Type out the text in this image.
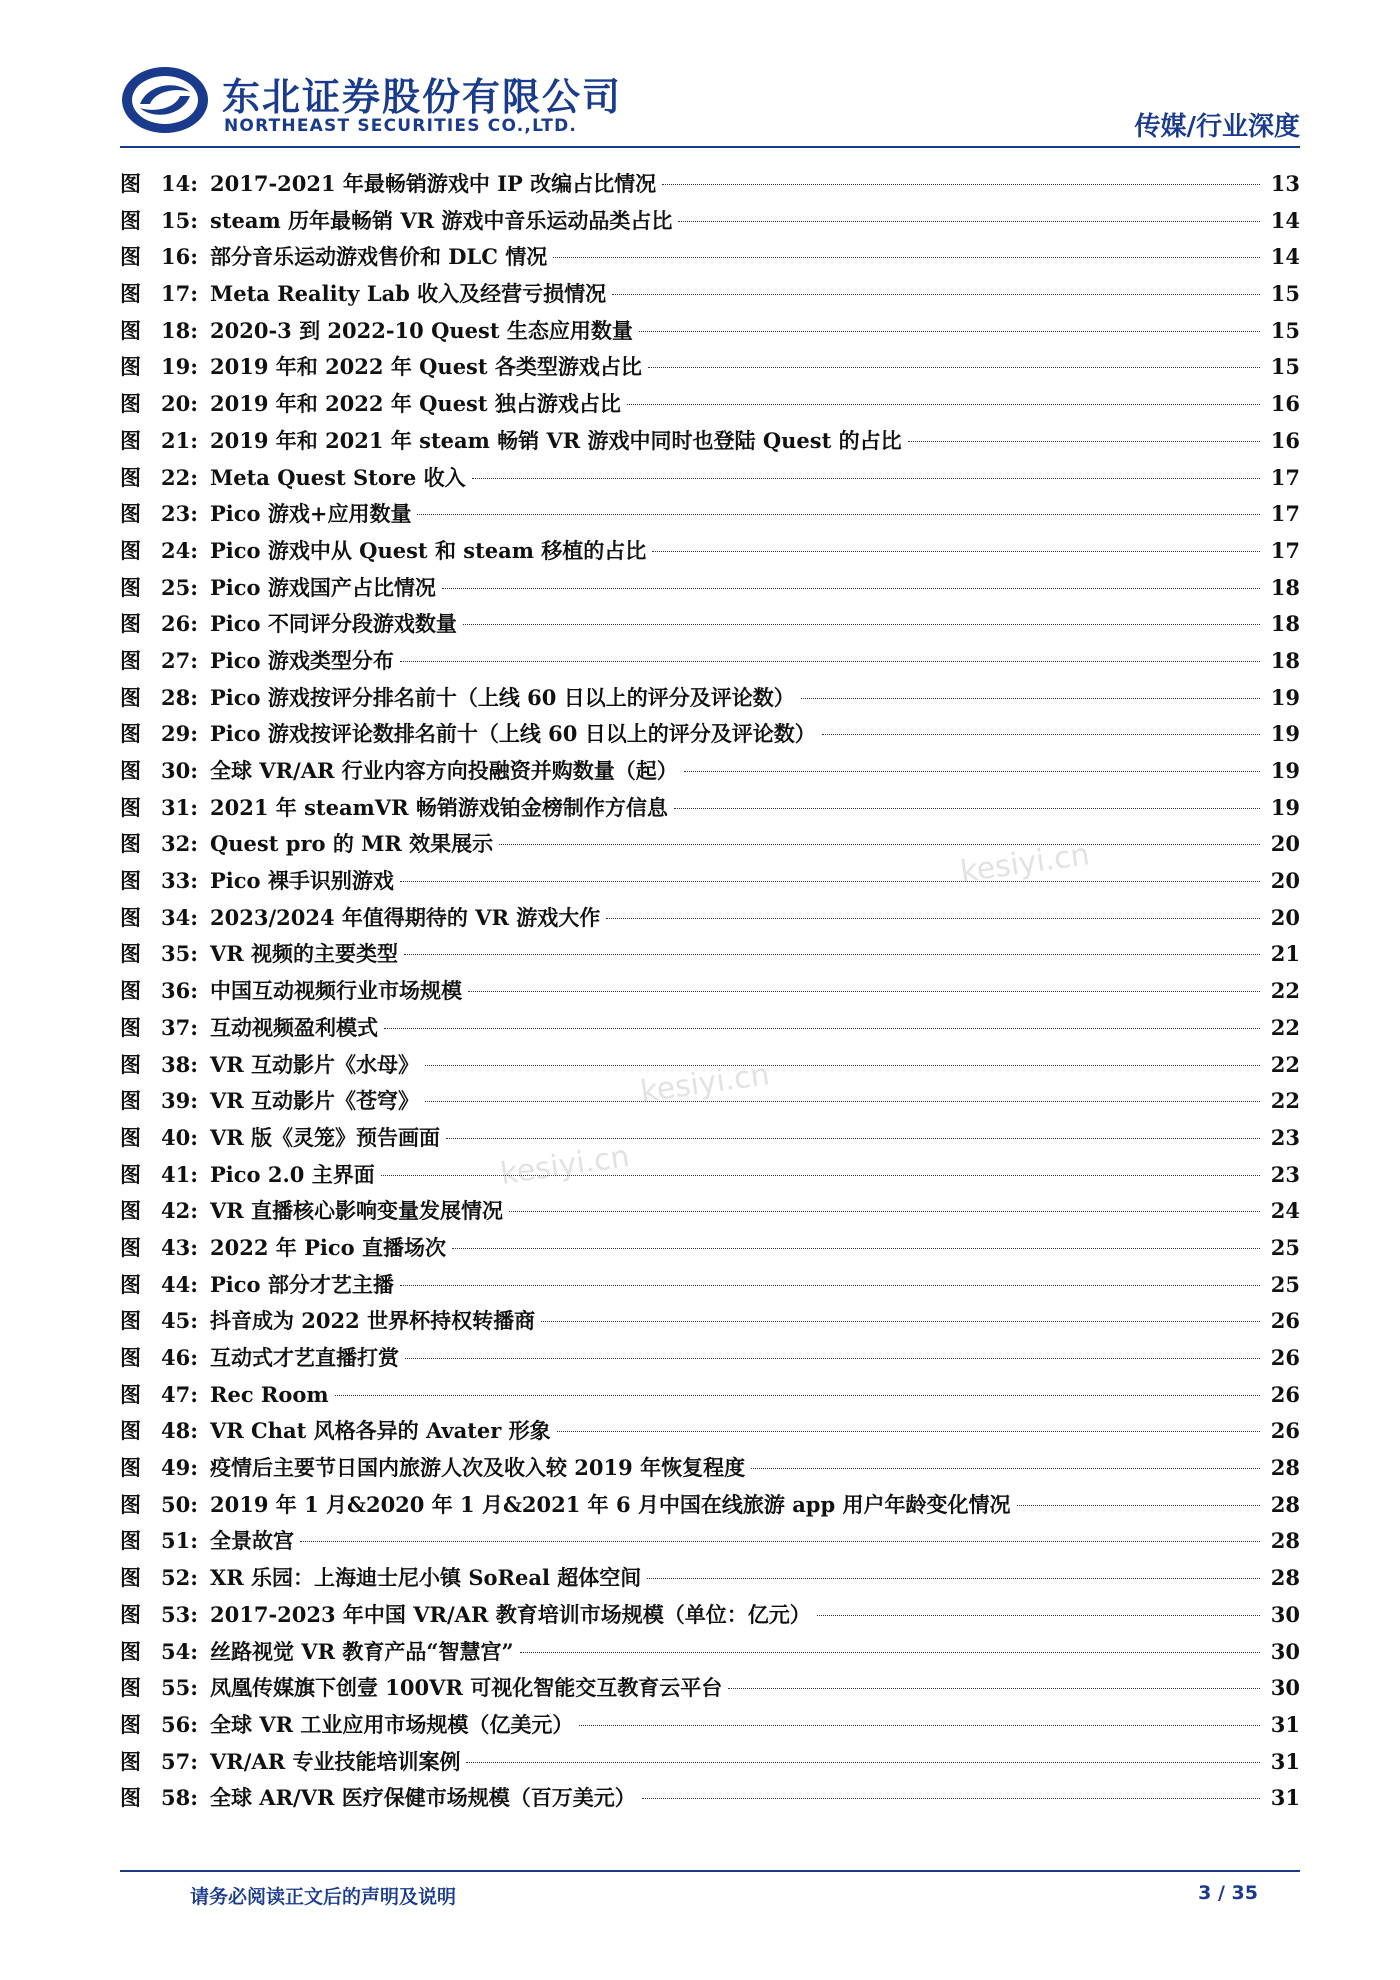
东北证券股份有限公司
NORTHEAST SECURITIES CO.,LTD.	传媒/行业深度
kesiyi.cn
kesiyi.cn
kesiyi.cn
图 14: 2017-2021 年最畅销游戏中 IP 改编占比情况	13
图 15: steam 历年最畅销 VR 游戏中音乐运动品类占比	14
图 16: 部分音乐运动游戏售价和 DLC 情况	14
图 17: Meta Reality Lab 收入及经营亏损情况	15
图 18: 2020-3 到 2022-10 Quest 生态应用数量	15
图 19: 2019 年和 2022 年 Quest 各类型游戏占比	15
图 20: 2019 年和 2022 年 Quest 独占游戏占比	16
图 21: 2019 年和 2021 年 steam 畅销 VR 游戏中同时也登陆 Quest 的占比	16
图 22: Meta Quest Store 收入	17
图 23: Pico 游戏+应用数量	17
图 24: Pico 游戏中从 Quest 和 steam 移植的占比	17
图 25: Pico 游戏国产占比情况	18
图 26: Pico 不同评分段游戏数量	18
图 27: Pico 游戏类型分布	18
图 28: Pico 游戏按评分排名前十（上线 60 日以上的评分及评论数）	19
图 29: Pico 游戏按评论数排名前十（上线 60 日以上的评分及评论数）	19
图 30: 全球 VR/AR 行业内容方向投融资并购数量（起）	19
图 31: 2021 年 steamVR 畅销游戏铂金榜制作方信息	19
图 32: Quest pro 的 MR 效果展示	20
图 33: Pico 裸手识别游戏	20
图 34: 2023/2024 年值得期待的 VR 游戏大作	20
图 35: VR 视频的主要类型	21
图 36: 中国互动视频行业市场规模	22
图 37: 互动视频盈利模式	22
图 38: VR 互动影片《水母》	22
图 39: VR 互动影片《苍穹》	22
图 40: VR 版《灵笼》预告画面	23
图 41: Pico 2.0 主界面	23
图 42: VR 直播核心影响变量发展情况	24
图 43: 2022 年 Pico 直播场次	25
图 44: Pico 部分才艺主播	25
图 45: 抖音成为 2022 世界杯持权转播商	26
图 46: 互动式才艺直播打赏	26
图 47: Rec Room	26
图 48: VR Chat 风格各异的 Avater 形象	26
图 49: 疫情后主要节日国内旅游人次及收入较 2019 年恢复程度	28
图 50: 2019 年 1 月&2020 年 1 月&2021 年 6 月中国在线旅游 app 用户年龄变化情况	28
图 51: 全景故宫	28
图 52: XR 乐园：上海迪士尼小镇 SoReal 超体空间	28
图 53: 2017-2023 年中国 VR/AR 教育培训市场规模（单位：亿元）	30
图 54: 丝路视觉 VR 教育产品“智慧宫”	30
图 55: 凤凰传媒旗下创壹 100VR 可视化智能交互教育云平台	30
图 56: 全球 VR 工业应用市场规模（亿美元）	31
图 57: VR/AR 专业技能培训案例	31
图 58: 全球 AR/VR 医疗保健市场规模（百万美元）	31
请务必阅读正文后的声明及说明	3 / 35
